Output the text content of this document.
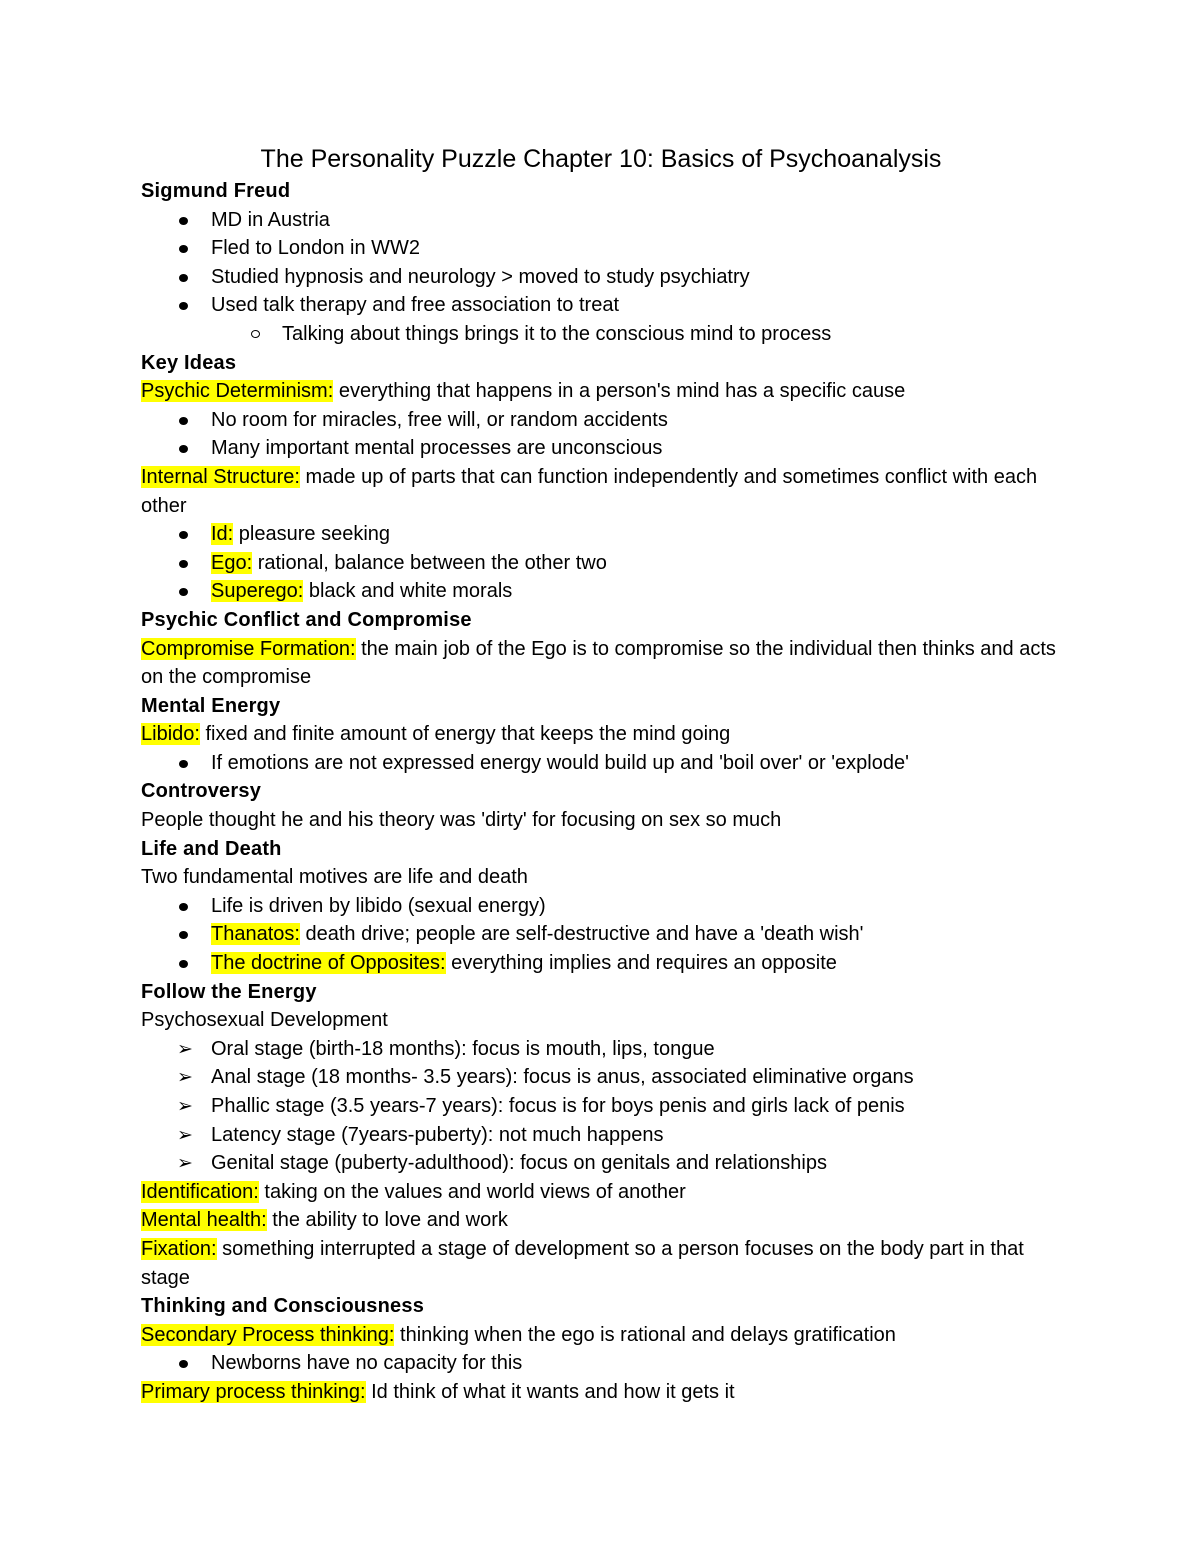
The Personality Puzzle Chapter 10: Basics of Psychoanalysis
Sigmund Freud
MD in Austria
Fled to London in WW2
Studied hypnosis and neurology > moved to study psychiatry
Used talk therapy and free association to treat
Talking about things brings it to the conscious mind to process
Key Ideas
Psychic Determinism: everything that happens in a person's mind has a specific cause
No room for miracles, free will, or random accidents
Many important mental processes are unconscious
Internal Structure: made up of parts that can function independently and sometimes conflict with each other
Id: pleasure seeking
Ego: rational, balance between the other two
Superego: black and white morals
Psychic Conflict and Compromise
Compromise Formation: the main job of the Ego is to compromise so the individual then thinks and acts on the compromise
Mental Energy
Libido: fixed and finite amount of energy that keeps the mind going
If emotions are not expressed energy would build up and 'boil over' or 'explode'
Controversy
People thought he and his theory was 'dirty' for focusing on sex so much
Life and Death
Two fundamental motives are life and death
Life is driven by libido (sexual energy)
Thanatos: death drive; people are self-destructive and have a 'death wish'
The doctrine of Opposites: everything implies and requires an opposite
Follow the Energy
Psychosexual Development
➢ Oral stage (birth-18 months): focus is mouth, lips, tongue
➢ Anal stage (18 months- 3.5 years): focus is anus, associated eliminative organs
➢ Phallic stage (3.5 years-7 years): focus is for boys penis and girls lack of penis
➢ Latency stage (7years-puberty): not much happens
➢ Genital stage (puberty-adulthood): focus on genitals and relationships
Identification: taking on the values and world views of another
Mental health: the ability to love and work
Fixation: something interrupted a stage of development so a person focuses on the body part in that stage
Thinking and Consciousness
Secondary Process thinking: thinking when the ego is rational and delays gratification
Newborns have no capacity for this
Primary process thinking: Id think of what it wants and how it gets it
